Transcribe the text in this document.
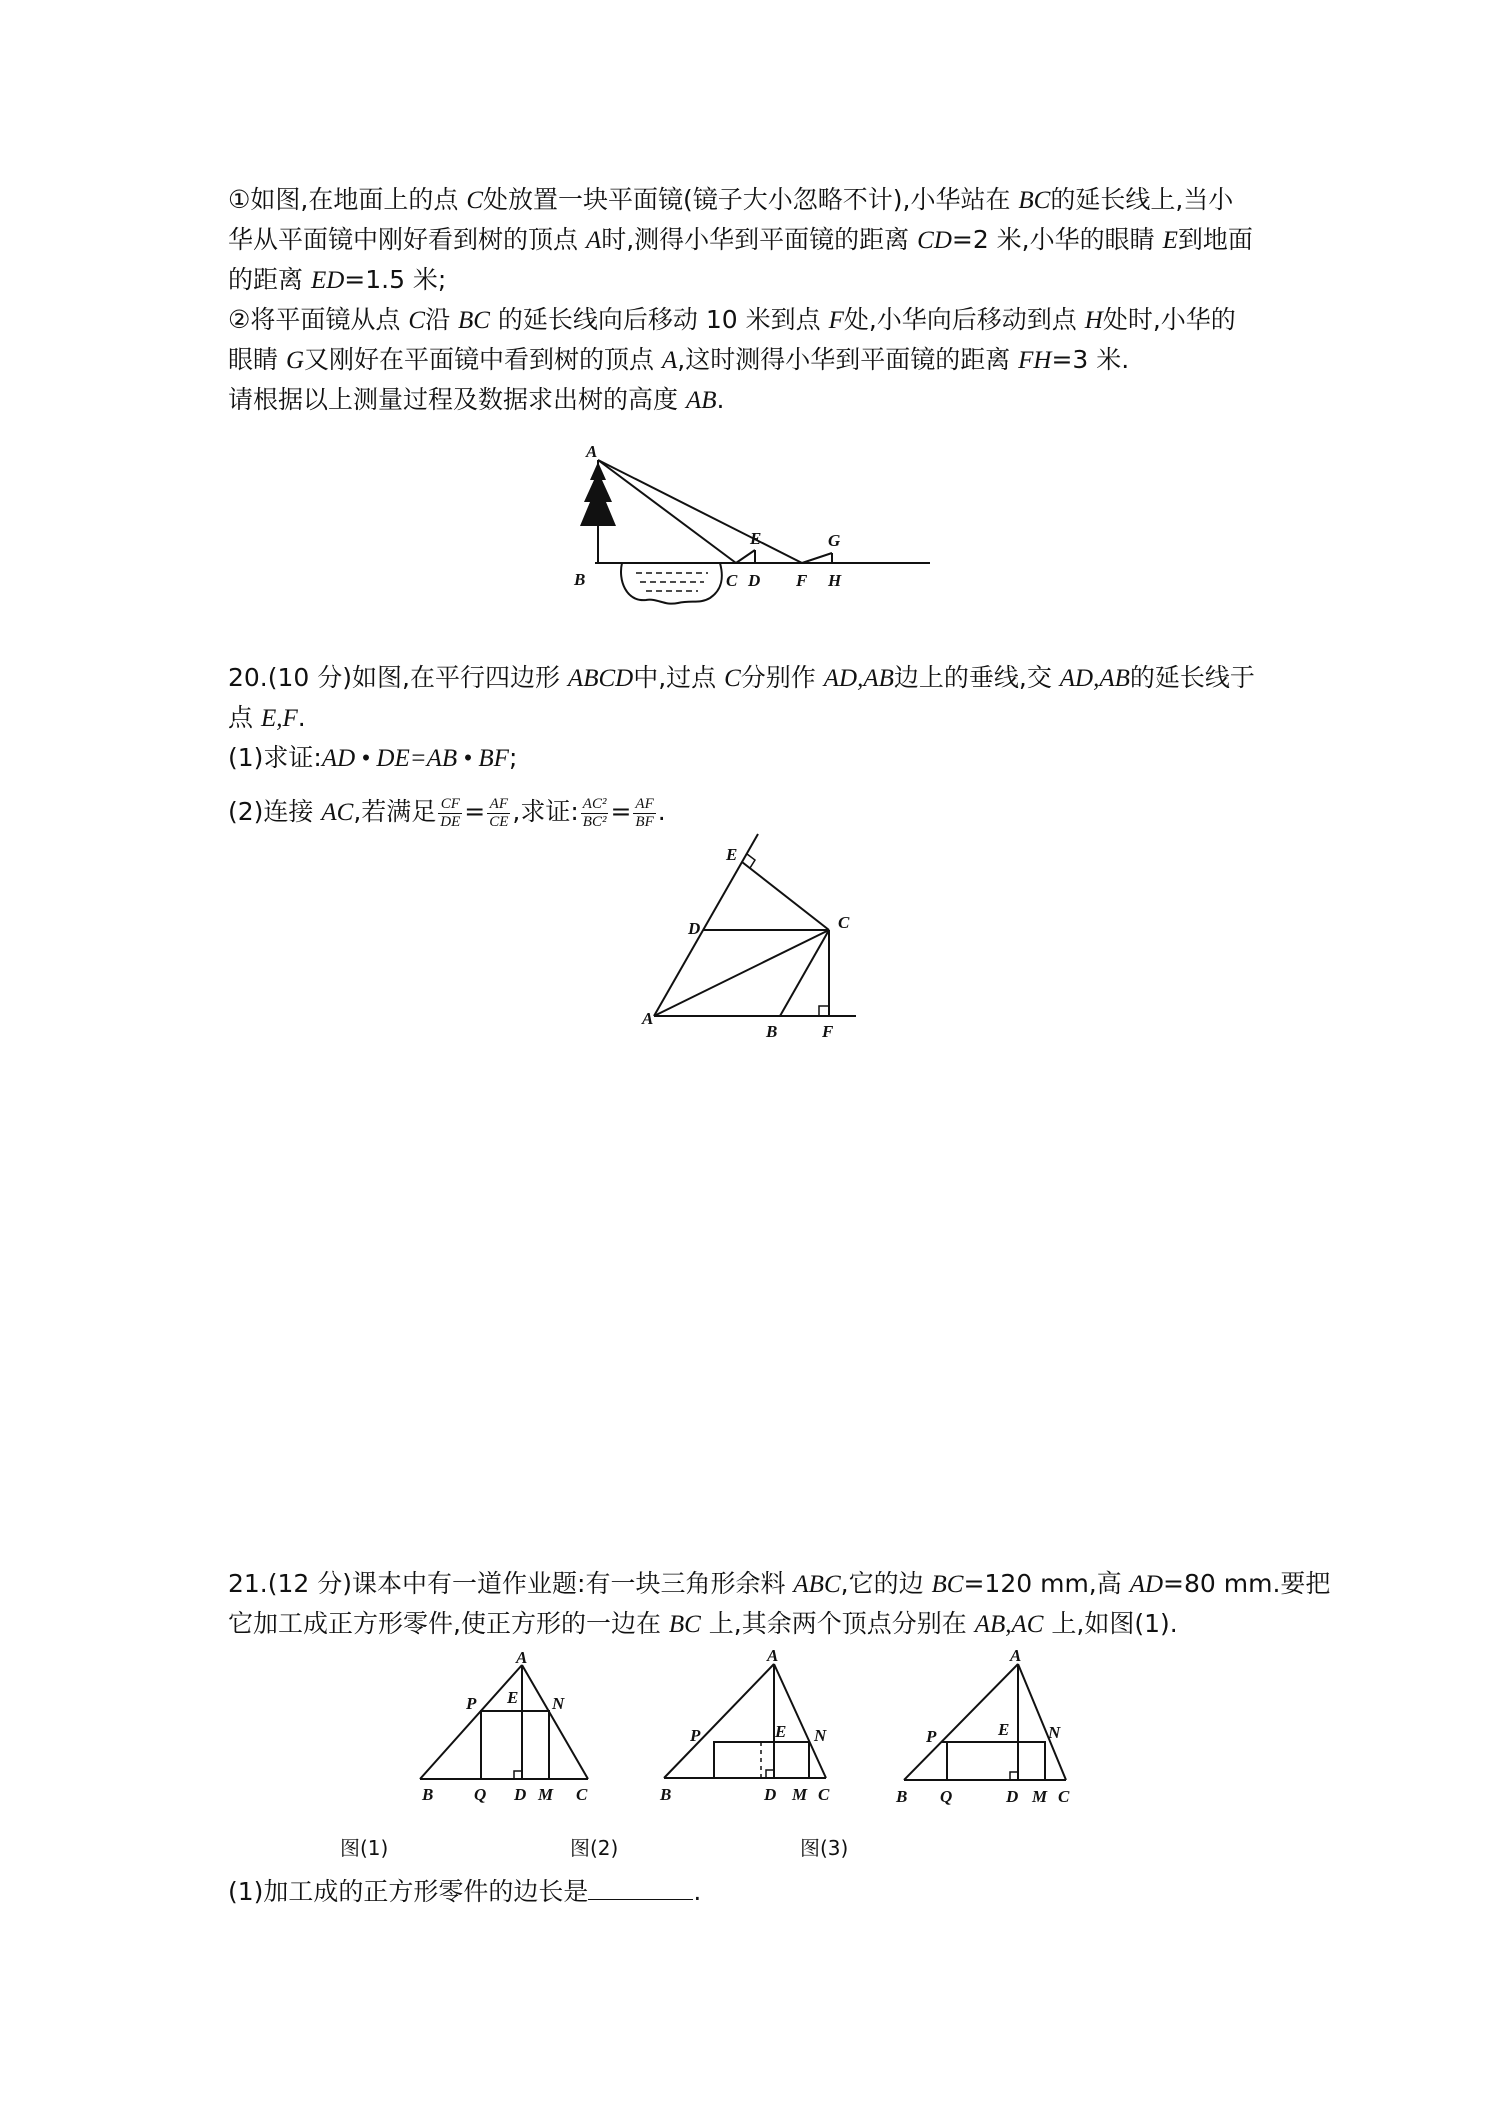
①如图,在地面上的点 C处放置一块平面镜(镜子大小忽略不计),小华站在 BC的延长线上,当小
华从平面镜中刚好看到树的顶点 A时,测得小华到平面镜的距离 CD=2 米,小华的眼睛 E到地面
的距离 ED=1.5 米;
②将平面镜从点 C沿 BC 的延长线向后移动 10 米到点 F处,小华向后移动到点 H处时,小华的
眼睛 G又刚好在平面镜中看到树的顶点 A,这时测得小华到平面镜的距离 FH=3 米.
请根据以上测量过程及数据求出树的高度 AB.
A
B	C D
E
F
G
H
20.(10 分)如图,在平行四边形 ABCD中,过点 C分别作 AD,AB边上的垂线,交 AD,AB的延长线于
点 E,F.
(1)求证:AD • DE=AB • BF;
(2)连接 AC,若满足 $\frac{CF}{DE} = \frac{AF}{CE}$ ,求证: $\frac{\text{AC²}}{\text{BC²}} = \frac{AF}{BF}$ .
A
B
C
D
E
F
21.(12 分)课本中有一道作业题:有一块三角形余料 ABC,它的边 BC=120 mm,高 AD=80 mm.要把
它加工成正方形零件,使正方形的一边在 BC 上,其余两个顶点分别在 AB,AC 上,如图(1).
A
E
P	N
B Q D M C
A
E
P	N
B	D M C
A
E
P	N
B Q	D M C
图(1)	图(2)	图(3)
(1)加工成的正方形零件的边长是	.
